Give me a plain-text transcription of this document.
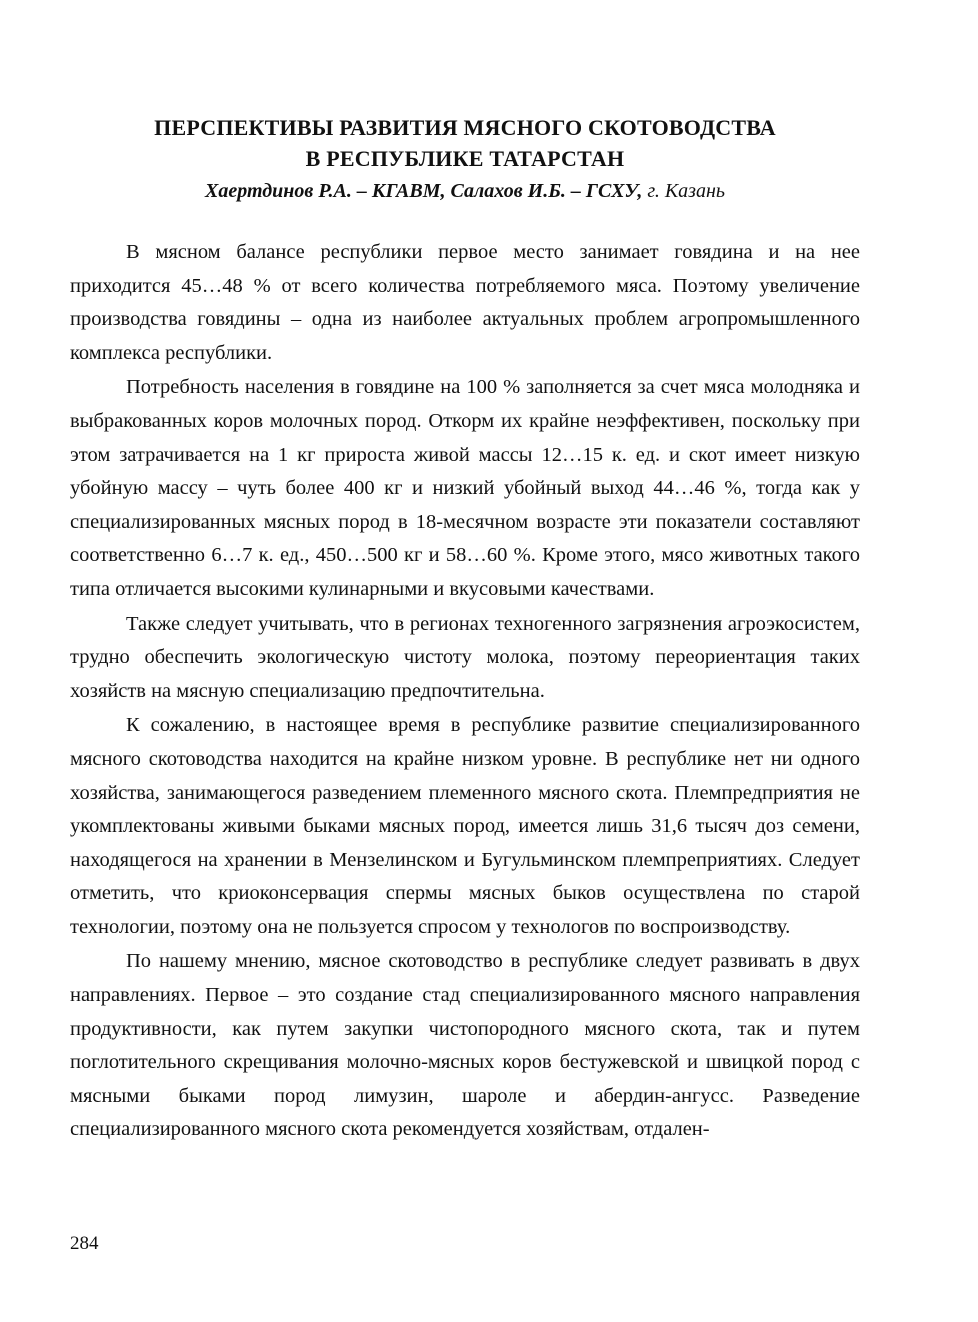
ПЕРСПЕКТИВЫ РАЗВИТИЯ МЯСНОГО СКОТОВОДСТВА
В РЕСПУБЛИКЕ ТАТАРСТАН
Хаертдинов Р.А. – КГАВМ, Салахов И.Б. – ГСХУ, г. Казань

В мясном балансе республики первое место занимает говядина и на нее приходится 45…48 % от всего количества потребляемого мяса. Поэтому увеличение производства говядины – одна из наиболее актуальных проблем агропромышленного комплекса республики.

Потребность населения в говядине на 100 % заполняется за счет мяса молодняка и выбракованных коров молочных пород. Откорм их крайне неэффективен, поскольку при этом затрачивается на 1 кг прироста живой массы 12…15 к. ед. и скот имеет низкую убойную массу – чуть более 400 кг и низкий убойный выход 44…46 %, тогда как у специализированных мясных пород в 18-месячном возрасте эти показатели составляют соответственно 6…7 к. ед., 450…500 кг и 58…60 %. Кроме этого, мясо животных такого типа отличается высокими кулинарными и вкусовыми качествами.

Также следует учитывать, что в регионах техногенного загрязнения агроэкосистем, трудно обеспечить экологическую чистоту молока, поэтому переориентация таких хозяйств на мясную специализацию предпочтительна.

К сожалению, в настоящее время в республике развитие специализированного мясного скотоводства находится на крайне низком уровне. В республике нет ни одного хозяйства, занимающегося разведением племенного мясного скота. Племпредприятия не укомплектованы живыми быками мясных пород, имеется лишь 31,6 тысяч доз семени, находящегося на хранении в Мензелинском и Бугульминском племпреприятиях. Следует отметить, что криоконсервация спермы мясных быков осуществлена по старой технологии, поэтому она не пользуется спросом у технологов по воспроизводству.

По нашему мнению, мясное скотоводство в республике следует развивать в двух направлениях. Первое – это создание стад специализированного мясного направления продуктивности, как путем закупки чистопородного мясного скота, так и путем поглотительного скрещивания молочно-мясных коров бестужевской и швицкой пород с мясными быками пород лимузин, шароле и абердин-ангусс. Разведение специализированного мясного скота рекомендуется хозяйствам, отдален-

284
